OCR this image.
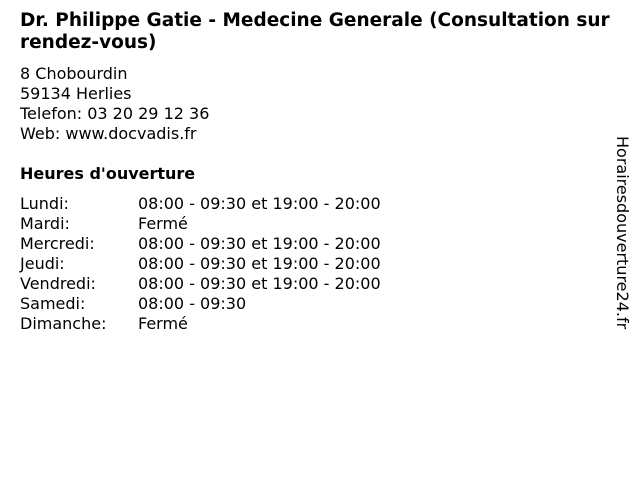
Dr. Philippe Gatie - Medecine Generale (Consultation sur rendez-vous)
8 Chobourdin
59134 Herlies
Telefon: 03 20 29 12 36
Web: www.docvadis.fr
Heures d'ouverture
Lundi:	08:00 - 09:30 et 19:00 - 20:00
Mardi:	Fermé
Mercredi:	08:00 - 09:30 et 19:00 - 20:00
Jeudi:	08:00 - 09:30 et 19:00 - 20:00
Vendredi:	08:00 - 09:30 et 19:00 - 20:00
Samedi:	08:00 - 09:30
Dimanche: Fermé	Horairesdouverture24.fr
